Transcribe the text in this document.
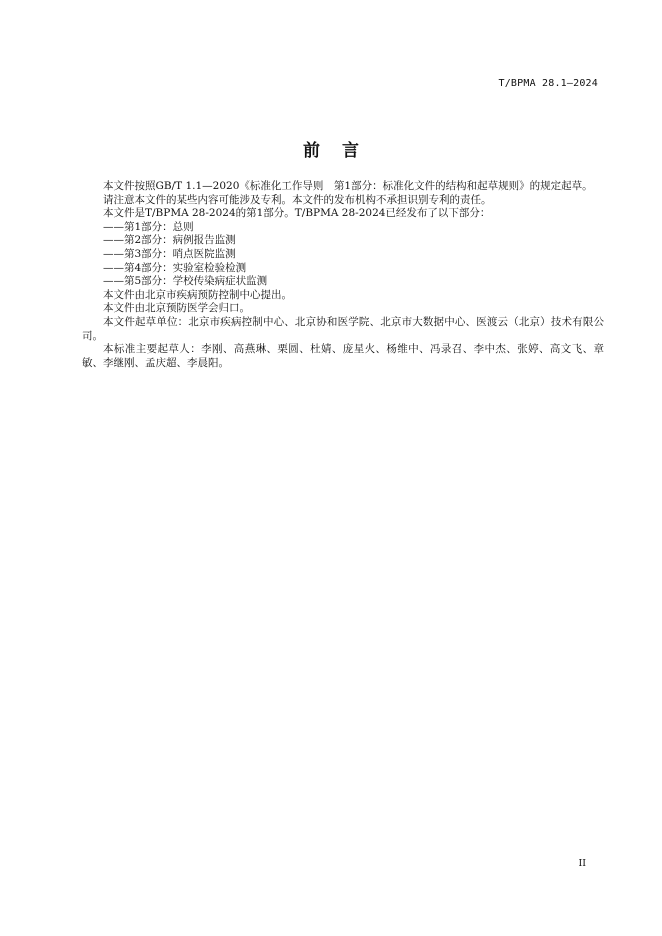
T/BPMA 28.1—2024
前言

本文件按照GB/T 1.1—2020《标准化工作导则　第1部分：标准化文件的结构和起草规则》的规定起草。

请注意本文件的某些内容可能涉及专利。本文件的发布机构不承担识别专利的责任。

本文件是T/BPMA 28-2024的第1部分。T/BPMA 28-2024已经发布了以下部分：

——第1部分：总则

——第2部分：病例报告监测

——第3部分：哨点医院监测

——第4部分：实验室检验检测

——第5部分：学校传染病症状监测

本文件由北京市疾病预防控制中心提出。

本文件由北京预防医学会归口。

本文件起草单位：北京市疾病控制中心、北京协和医学院、北京市大数据中心、医渡云（北京）技术有限公司。

本标准主要起草人：李刚、高燕琳、栗圆、杜婧、庞星火、杨维中、冯录召、李中杰、张婷、高文飞、章敏、李继刚、孟庆超、李晨阳。

II
